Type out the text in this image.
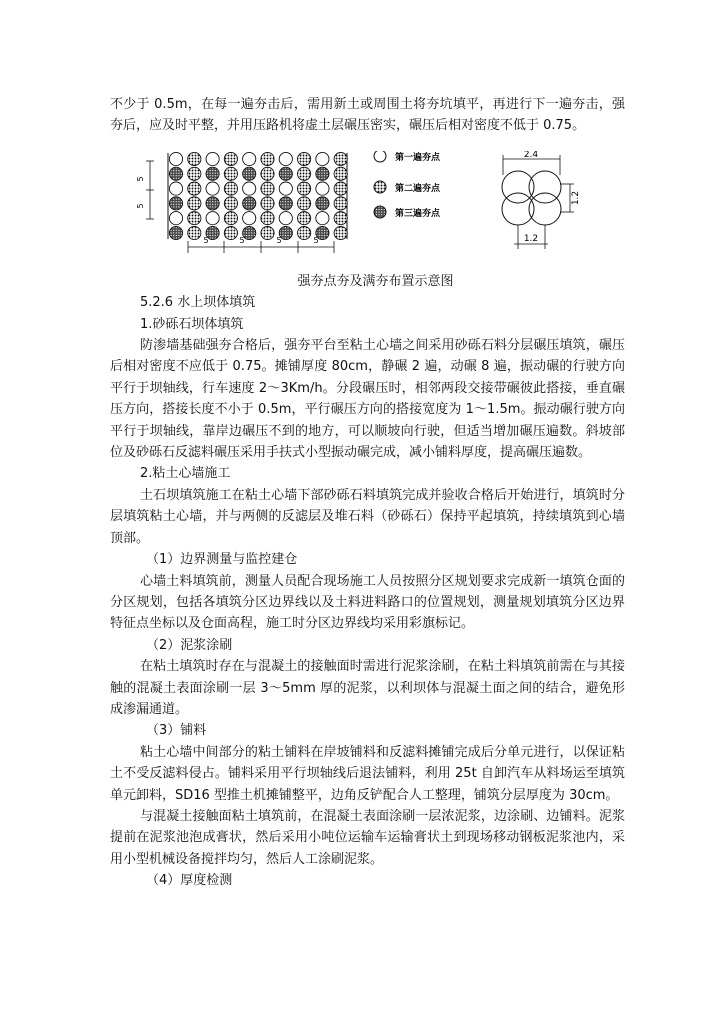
不少于 0.5m，在每一遍夯击后，需用新土或周围土将夯坑填平，再进行下一遍夯击，强夯后，应及时平整，并用压路机将虚土层碾压密实，碾压后相对密度不低于 0.75。

5
5
5	5	5	5
第一遍夯点
第二遍夯点
第三遍夯点
2.4
1.2
1.2

强夯点夯及满夯布置示意图

5.2.6 水上坝体填筑

1.砂砾石坝体填筑

防渗墙基础强夯合格后，强夯平台至粘土心墙之间采用砂砾石料分层碾压填筑，碾压后相对密度不应低于 0.75。摊铺厚度 80cm，静碾 2 遍，动碾 8 遍，振动碾的行驶方向平行于坝轴线，行车速度 2～3Km/h。分段碾压时，相邻两段交接带碾彼此搭接，垂直碾压方向，搭接长度不小于 0.5m，平行碾压方向的搭接宽度为 1～1.5m。振动碾行驶方向平行于坝轴线，靠岸边碾压不到的地方，可以顺坡向行驶，但适当增加碾压遍数。斜坡部位及砂砾石反滤料碾压采用手扶式小型振动碾完成，减小铺料厚度，提高碾压遍数。

2.粘土心墙施工

土石坝填筑施工在粘土心墙下部砂砾石料填筑完成并验收合格后开始进行，填筑时分层填筑粘土心墙，并与两侧的反滤层及堆石料（砂砾石）保持平起填筑，持续填筑到心墙顶部。

（1）边界测量与监控建仓

心墙土料填筑前，测量人员配合现场施工人员按照分区规划要求完成新一填筑仓面的分区规划，包括各填筑分区边界线以及土料进料路口的位置规划，测量规划填筑分区边界特征点坐标以及仓面高程，施工时分区边界线均采用彩旗标记。

（2）泥浆涂刷

在粘土填筑时存在与混凝土的接触面时需进行泥浆涂刷，在粘土料填筑前需在与其接触的混凝土表面涂刷一层 3～5mm 厚的泥浆，以利坝体与混凝土面之间的结合，避免形成渗漏通道。

（3）铺料

粘土心墙中间部分的粘土铺料在岸坡铺料和反滤料摊铺完成后分单元进行，以保证粘土不受反滤料侵占。铺料采用平行坝轴线后退法铺料，利用 25t 自卸汽车从料场运至填筑单元卸料，SD16 型推土机摊铺整平，边角反铲配合人工整理，铺筑分层厚度为 30cm。

与混凝土接触面粘土填筑前，在混凝土表面涂刷一层浓泥浆，边涂刷、边铺料。泥浆提前在泥浆池泡成膏状，然后采用小吨位运输车运输膏状土到现场移动钢板泥浆池内，采用小型机械设备搅拌均匀，然后人工涂刷泥浆。

（4）厚度检测
